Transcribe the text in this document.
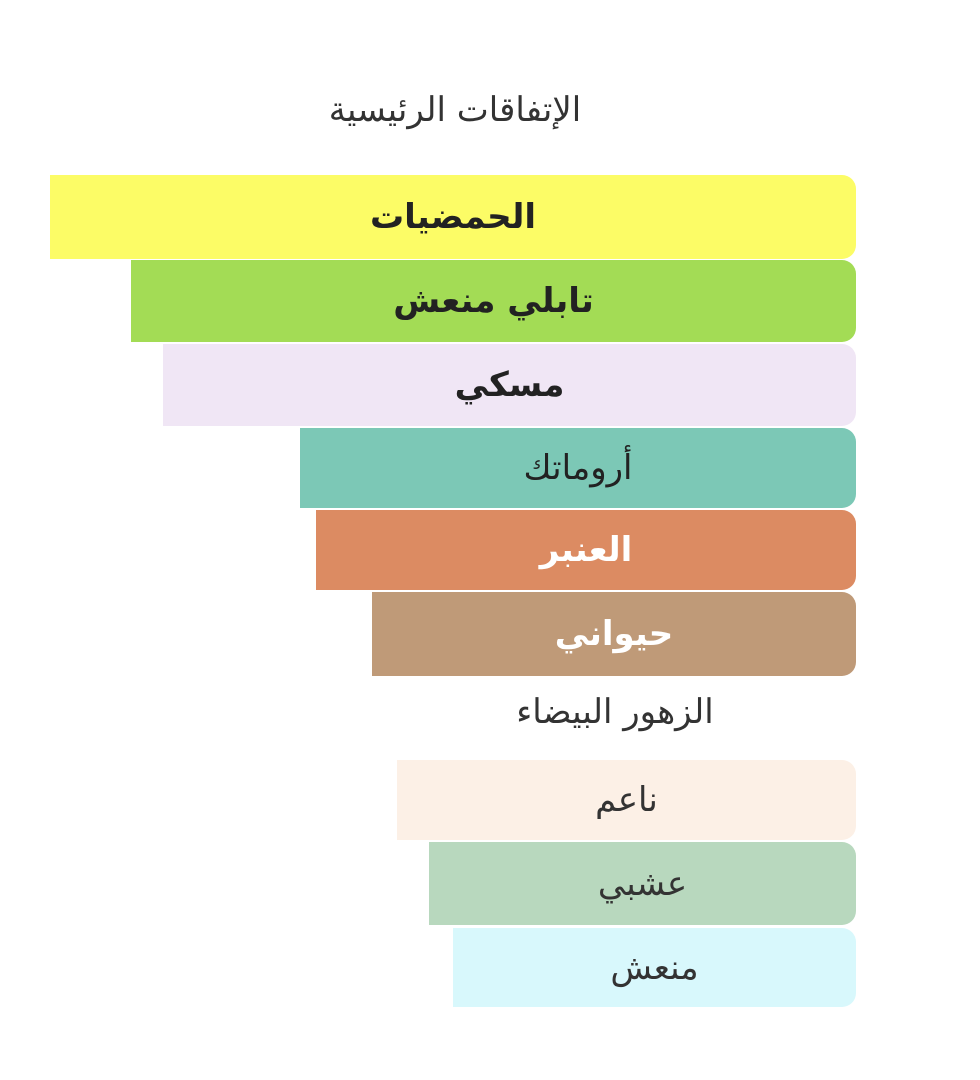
الإتفاقات الرئيسية
الزهور البيضاء
الحمضيات
تابلي منعش
مسكي
أروماتك
العنبر
حيواني
ناعم
عشبي
منعش
